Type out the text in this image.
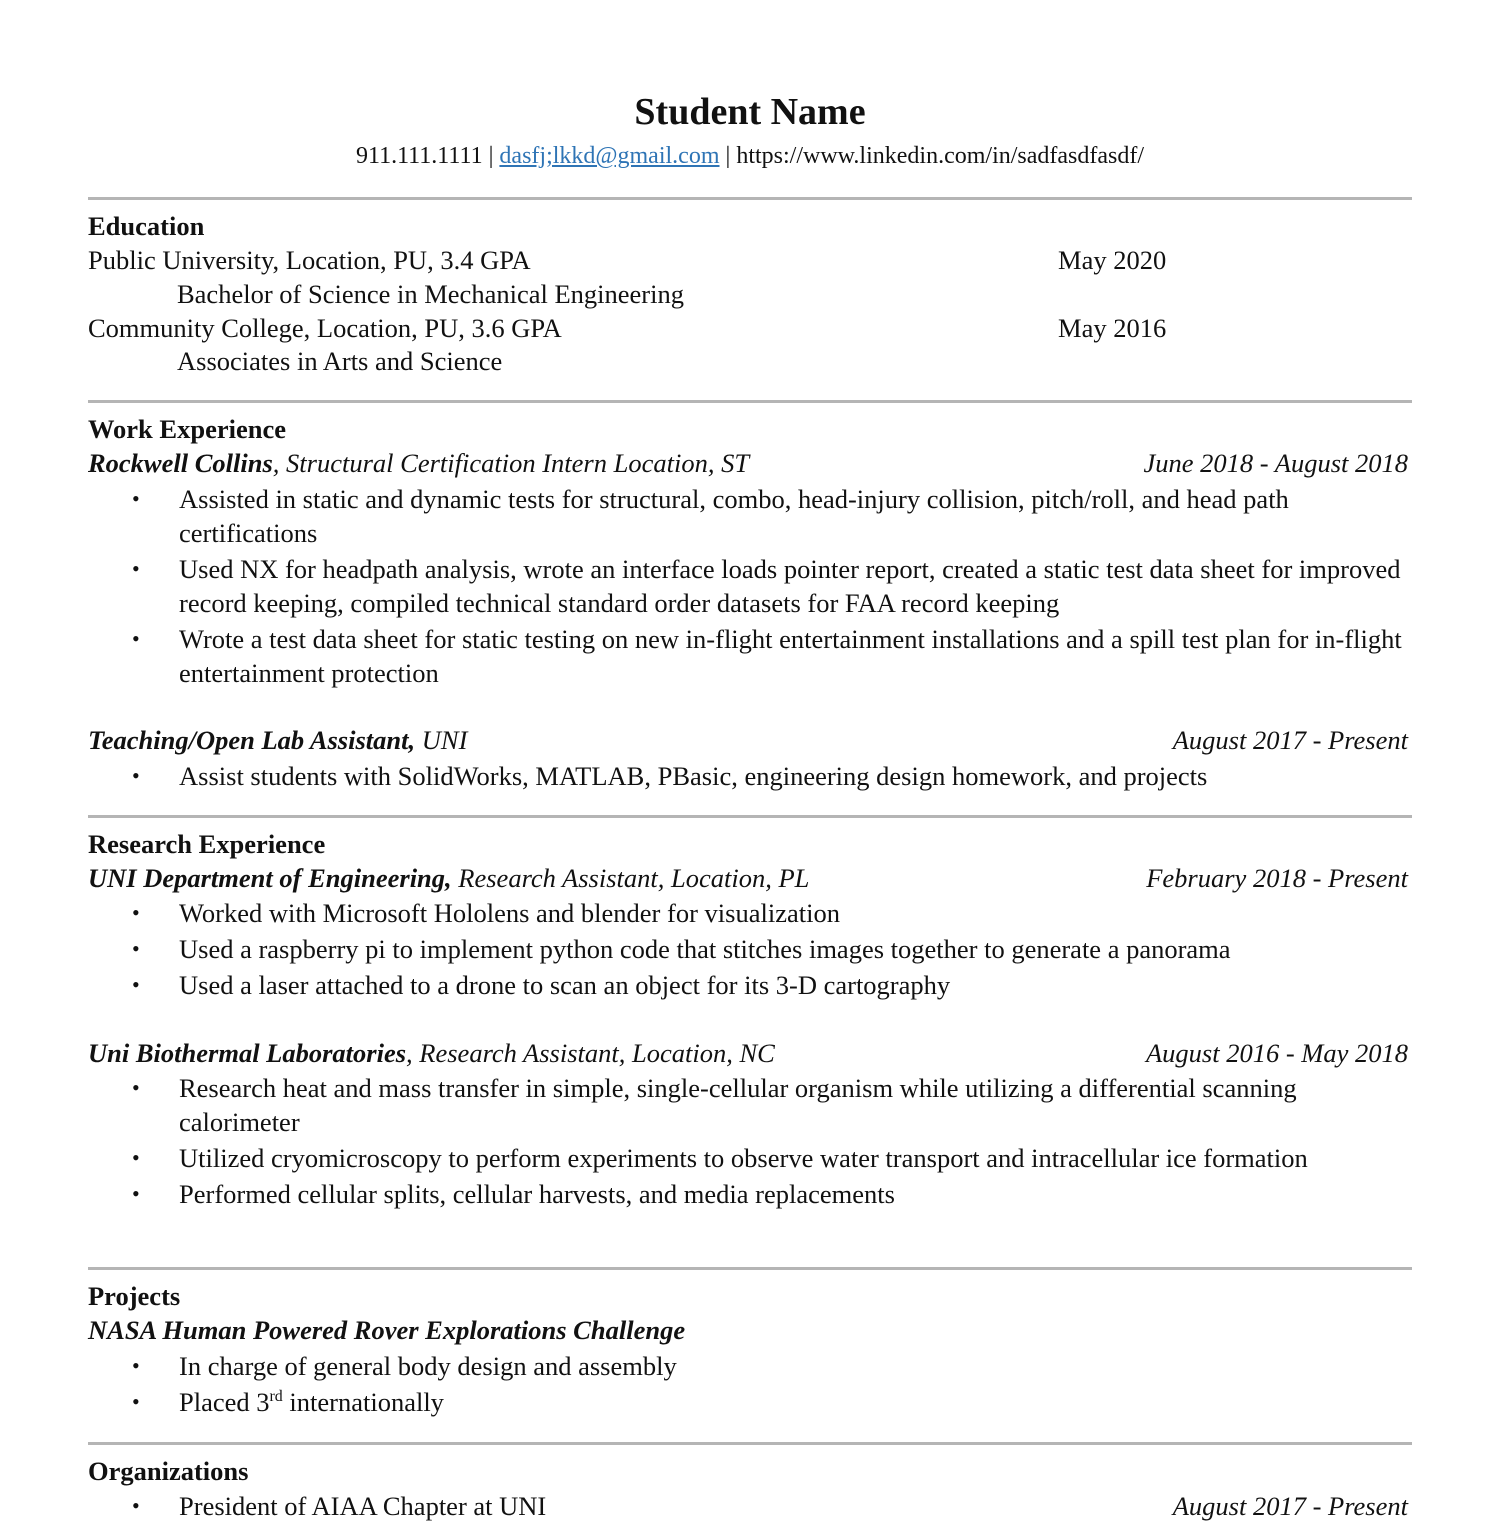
Student Name
911.111.1111 | dasfj;lkkd@gmail.com | https://www.linkedin.com/in/sadfasdfasdf/
Education
Public University, Location, PU, 3.4 GPA	May 2020
Bachelor of Science in Mechanical Engineering
Community College, Location, PU, 3.6 GPA	May 2016
Associates in Arts and Science
Work Experience
Rockwell Collins, Structural Certification Intern Location, ST	June 2018 - August 2018
•	Assisted in static and dynamic tests for structural, combo, head-injury collision, pitch/roll, and head path certifications
•	Used NX for headpath analysis, wrote an interface loads pointer report, created a static test data sheet for improved record keeping, compiled technical standard order datasets for FAA record keeping
•	Wrote a test data sheet for static testing on new in-flight entertainment installations and a spill test plan for in-flight entertainment protection
Teaching/Open Lab Assistant, UNI	August 2017 - Present
•	Assist students with SolidWorks, MATLAB, PBasic, engineering design homework, and projects
Research Experience
UNI Department of Engineering, Research Assistant, Location, PL	February 2018 - Present
•	Worked with Microsoft Hololens and blender for visualization
•	Used a raspberry pi to implement python code that stitches images together to generate a panorama
•	Used a laser attached to a drone to scan an object for its 3-D cartography
Uni Biothermal Laboratories, Research Assistant, Location, NC	August 2016 - May 2018
•	Research heat and mass transfer in simple, single-cellular organism while utilizing a differential scanning calorimeter
•	Utilized cryomicroscopy to perform experiments to observe water transport and intracellular ice formation
•	Performed cellular splits, cellular harvests, and media replacements
Projects
NASA Human Powered Rover Explorations Challenge
•	In charge of general body design and assembly
•	Placed 3rd internationally
Organizations
•	President of AIAA Chapter at UNI	August 2017 - Present
